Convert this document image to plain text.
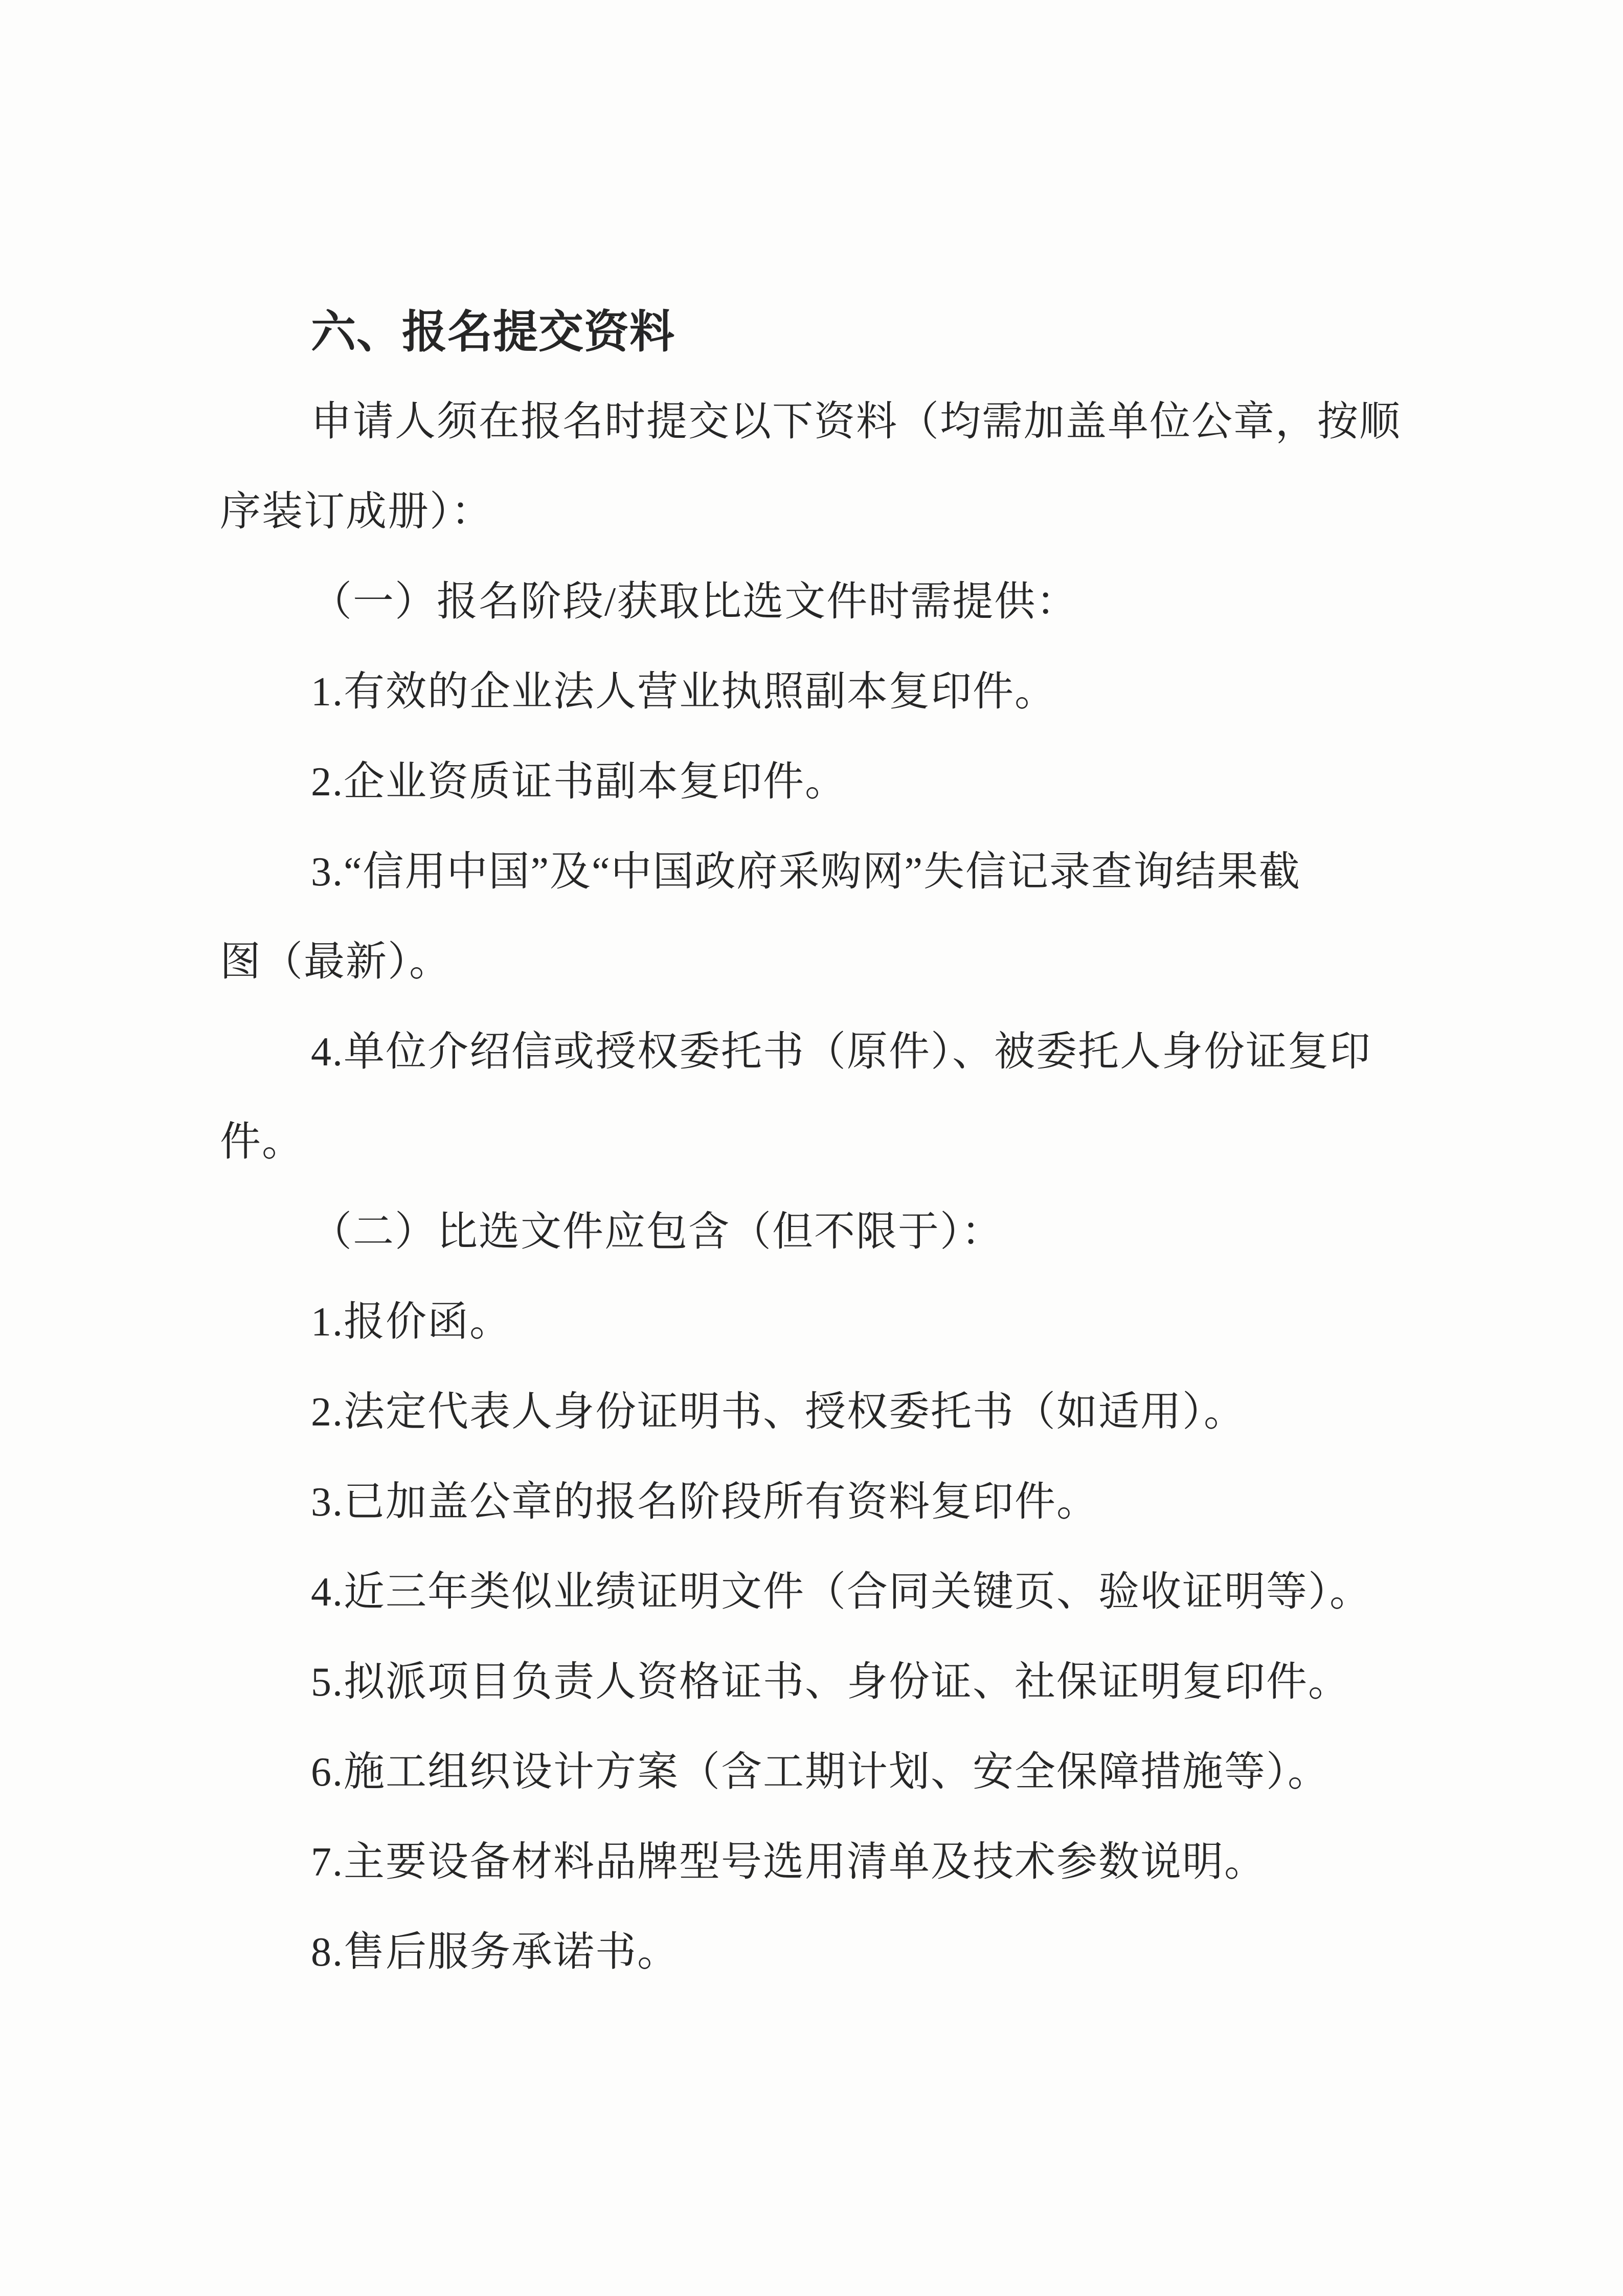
六、报名提交资料

申请人须在报名时提交以下资料（均需加盖单位公章，按顺

序装订成册）：

（一）报名阶段/获取比选文件时需提供：

1.有效的企业法人营业执照副本复印件。

2.企业资质证书副本复印件。

3.“信用中国”及“中国政府采购网”失信记录查询结果截

图（最新）。

4.单位介绍信或授权委托书（原件）、被委托人身份证复印

件。

（二）比选文件应包含（但不限于）：

1.报价函。

2.法定代表人身份证明书、授权委托书（如适用）。

3.已加盖公章的报名阶段所有资料复印件。

4.近三年类似业绩证明文件（合同关键页、验收证明等）。

5.拟派项目负责人资格证书、身份证、社保证明复印件。

6.施工组织设计方案（含工期计划、安全保障措施等）。

7.主要设备材料品牌型号选用清单及技术参数说明。

8.售后服务承诺书。
